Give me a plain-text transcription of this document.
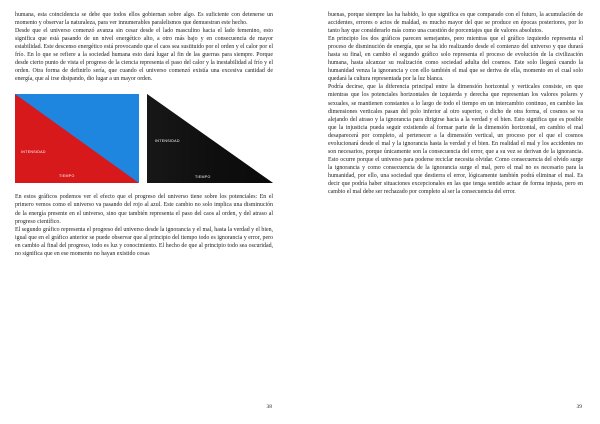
humana, esta coincidencia se debe que todos ellos gobiernan sobre algo. Es suficiente con detenerse un momento y observar la naturaleza, para ver innumerables paralelismos que demuestran este hecho.

Desde que el universo comenzó avanza sin cesar desde el lado masculino hacia el lado femenino, esto significa que está pasando de un nivel energético alto, a otro más bajo y en consecuencia de mayor estabilidad. Este descenso energético está provocando que el caos sea sustituido por el orden y el calor por el frío. En lo que se refiere a la sociedad humana esto dará lugar al fin de las guerras para siempre. Porque desde cierto punto de vista el progreso de la ciencia representa el paso del calor y la inestabilidad al frío y el orden. Otra forma de definirlo sería, que cuando el universo comenzó existía una excesiva cantidad de energía, que al irse disipando, dio lugar a un mayor orden.

INTENSIDAD
TIEMPO
INTENSIDAD
TIEMPO

En estos gráficos podemos ver el efecto que el progreso del universo tiene sobre los potenciales: En el primero vemos como el universo va pasando del rojo al azul. Este cambio no solo implica una disminución de la energía presente en el universo, sino que también representa el paso del caos al orden, y del atraso al progreso científico.

El segundo gráfico representa el progreso del universo desde la ignorancia y el mal, hasta la verdad y el bien, igual que en el gráfico anterior se puede observar que al principio del tiempo todo es ignorancia y error, pero en cambio al final del progreso, todo es luz y conocimiento. El hecho de que al principio todo sea oscuridad, no significa que en ese momento no hayan existido cosas

38

buenas, porque siempre las ha habido, lo que significa es que comparado con el futuro, la acumulación de accidentes, errores o actos de maldad, es mucho mayor del que se produce en épocas posteriores, por lo tanto hay que considerarlo más como una cuestión de porcentajes que de valores absolutos.

En principio los dos gráficos parecen semejantes, pero mientras que el gráfico izquierdo representa el proceso de disminución de energía, que se ha ido realizando desde el comienzo del universo y que durará hasta su final, en cambio el segundo gráfico solo representa el proceso de evolución de la civilización humana, hasta alcanzar su realización como sociedad adulta del cosmos. Este solo llegará cuando la humanidad venza la ignorancia y con ello también el mal que se deriva de ella, momento en el cual solo quedará la cultura representada por la luz blanca.

Podría decirse, que la diferencia principal entre la dimensión horizontal y verticales consiste, en que mientras que los potenciales horizontales de izquierda y derecha que representan los valores polares y sexuales, se mantienen constantes a lo largo de todo el tiempo en un intercambio continuo, en cambio las dimensiones verticales pasan del polo inferior al otro superior, o dicho de otra forma, el cosmos se va alejando del atraso y la ignorancia para dirigirse hacia a la verdad y el bien. Esto significa que es posible que la injusticia pueda seguir existiendo al formar parte de la dimensión horizontal, en cambio el mal desaparecerá por completo, al pertenecer a la dimensión vertical, un proceso por el que el cosmos evolucionará desde el mal y la ignorancia hasta la verdad y el bien. En realidad el mal y los accidentes no son necesarios, porque únicamente son la consecuencia del error, que a su vez se derivan de la ignorancia. Esto ocurre porque el universo para poderse reciclar necesita olvidar. Como consecuencia del olvido surge la ignorancia y como consecuencia de la ignorancia surge el mal, pero el mal no es necesario para la humanidad, por ello, una sociedad que destierra el error, lógicamente también podrá eliminar el mal. Es decir que podría haber situaciones excepcionales en las que tenga sentido actuar de forma injusta, pero en cambio el mal debe ser rechazado por completo al ser la consecuencia del error.

39
